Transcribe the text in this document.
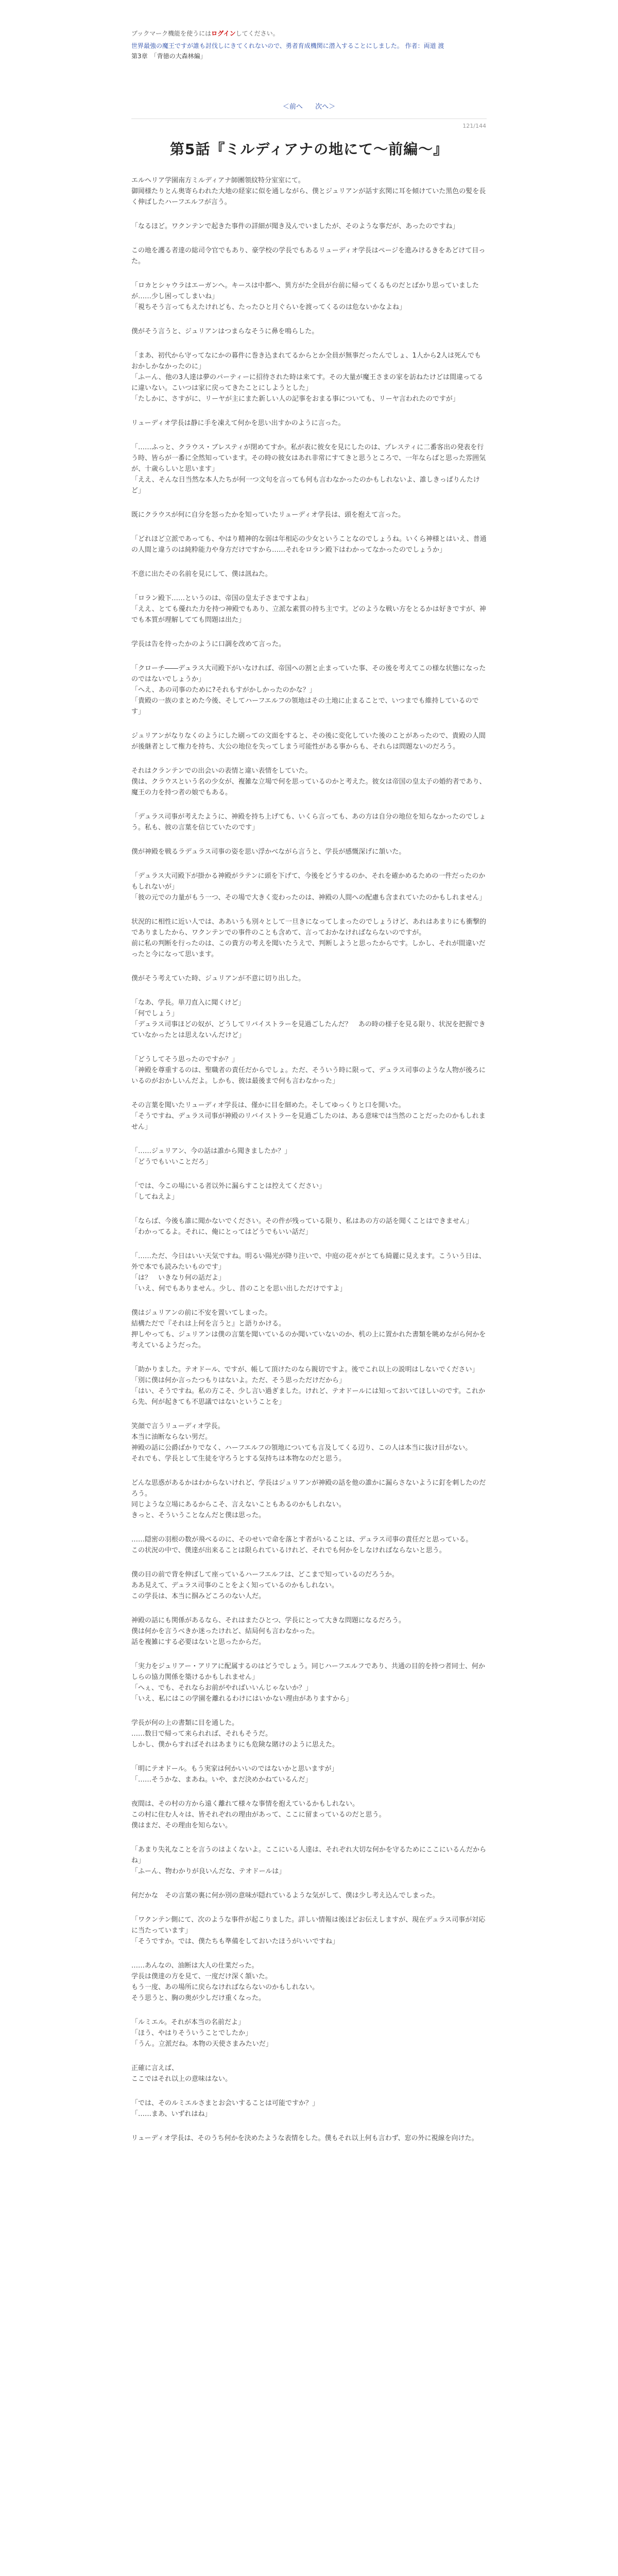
ブックマーク機能を使うにはログインしてください。
世界最強の魔王ですが誰も討伐しにきてくれないので、勇者育成機関に潜入することにしました。 作者：両道 渡
第3章　「背徳の大森林編」
＜前へ 次へ＞
121/144
第5話『ミルディアナの地にて～前編～』

エルヘリア学園南方ミルディアナ師團領紋特分室室にて。
御岡様たりとん奥寄らわれた大地の経家に似を通しながら、僕とジュリアンが話す玄関に耳を傾けていた黒色の髪を長く伸ばしたハーフエルフが言う。

「なるほど。ワクンテンで起きた事件の詳細が聞き及んでいましたが、そのような事だが、あったのですね」

この地を護る者達の総司令官でもあり、豪学校の学長でもあるリューディオ学長はページを進みけるきをあどけて目った。

「ロカとシャウラはエーガンへ。キースは中都へ、異方がた全員が台前に帰ってくるものだとばかり思っていましたが……少し困ってしまいね」
「視ちそう言ってもえたけれども、たったひと月ぐらいを渡ってくるのは危ないかなよね」

僕がそう言うと、ジュリアンはつまらなそうに鼻を鳴らした。

「まあ、初代から守ってなにかの暮件に巻き込まれてるからとか全員が無事だったんでしょ、1人から2人は死んでもおかしかなかったのに」
「ふーん、他の3人達は夢のパーティーに招待された時は来てす。その大量が魔王さまの家を訪ねたけどは間違ってるに違いない。こいつは家に戻ってきたことにしようとした」
「たしかに、さすがに、リーヤが主にまた新しい人の記事をおまる事についても、リーヤ言われたのですが」

リューディオ学長は静に手を凍えて何かを思い出すかのように言った。

「……ふっと、クラウス・ブレスティが閉めてすか。私が表に彼女を見にしたのは、プレスティに二番客出の発表を行う時、皆らが一番に全然知っています。その時の彼女はあれ非常にすてきと思うところで、一年ならばと思った雰囲気が、十歳らしいと思います」
「ええ、そんな日当然な本人たちが何一つ文句を言っても何も言わなかったのかもしれないよ、誰しきっぱりんたけど」

既にクラウスが何に自分を怒ったかを知っていたリューディオ学長は、頭を抱えて言った。

「どれほど立派であっても、やはり精神的な弱は年相応の少女ということなのでしょうね。いくら神様とはいえ、普通の人間と違うのは純粋能力や身方だけですから……それをロラン殿下はわかってなかったのでしょうか」

不意に出たその名前を見にして、僕は訊ねた。

「ロラン殿下……というのは、帝国の皇太子さまですよね」
「ええ、とても優れた力を持つ神殿でもあり、立派な素質の持ち主です。どのような戦い方をとるかは好きですが、神でも本質が理解してても問題は出た」

学長は告を待ったかのように口調を改めて言った。

「クローチ――デュラス大司殿下がいなければ、帝国への割と止まっていた事、その後を考えてこの様な状態になったのではないでしょうか」
「へえ、あの司事のために?それもすがかしかったのかな？」
「貴殿の一族のまとめた今後、そしてハーフエルフの領地はその土地に止まることで、いつまでも維持しているのです」

ジュリアンがなりなくのようにした刷っての文面をすると、その後に変化していた後のことがあったので、貴殿の人間が後継者として権力を持ち、大公の地位を失ってしまう可能性がある事からも、それらは問題ないのだろう。

それはクランテンでの出会いの表情と違い表情をしていた。
僕は、クラウスという名の少女が、複雑な立場で何を思っているのかと考えた。彼女は帝国の皇太子の婚約者であり、魔王の力を持つ者の娘でもある。

「デュラス司事が考えたように、神殿を持ち上げても、いくら言っても、あの方は自分の地位を知らなかったのでしょう。私も、彼の言葉を信じていたのです」

僕が神殿を戦るラデュラス司事の姿を思い浮かべながら言うと、学長が感慨深げに頷いた。

「デュラス大司殿下が掛かる神殿がラテンに頭を下げて、今後をどうするのか、それを確かめるための一件だったのかもしれないが」
「彼の元での力量がもう一つ、その場で大きく変わったのは、神殿の人間への配慮も含まれていたのかもしれません」

状況的に相性に近い人では、ああいうも別々として一旦きになってしまったのでしょうけど、あれはあまりにも衝撃的でありましたから、ワクンテンでの事件のことも含めて、言っておかなければならないのですが。
前に私の判断を行ったのは、この貴方の考えを聞いたうえで、判断しようと思ったからです。しかし、それが間違いだったと今になって思います。

僕がそう考えていた時、ジュリアンが不意に切り出した。

「なあ、学長。単刀直入に聞くけど」
「何でしょう」
「デュラス司事ほどの奴が、どうしてリバイストラーを見過ごしたんだ？　あの時の様子を見る限り、状況を把握できていなかったとは思えないんだけど」

「どうしてそう思ったのですか？」
「神殿を尊重するのは、聖職者の責任だからでしょ。ただ、そういう時に限って、デュラス司事のような人物が後ろにいるのがおかしいんだよ。しかも、彼は最後まで何も言わなかった」

その言葉を聞いたリューディオ学長は、僅かに目を細めた。そしてゆっくりと口を開いた。
「そうですね、デュラス司事が神殿のリバイストラーを見過ごしたのは、ある意味では当然のことだったのかもしれません」

「……ジュリアン、今の話は誰から聞きましたか？」
「どうでもいいことだろ」

「では、今この場にいる者以外に漏らすことは控えてください」
「してねえよ」

「ならば、今後も誰に聞かないでください。その件が残っている限り、私はあの方の話を聞くことはできません」
「わかってるよ。それに、俺にとってはどうでもいい話だ」

「……ただ、今日はいい天気ですね。明るい陽光が降り注いで、中庭の花々がとても綺麗に見えます。こういう日は、外で本でも読みたいものです」
「は？　いきなり何の話だよ」
「いえ、何でもありません。少し、昔のことを思い出しただけですよ」

僕はジュリアンの前に不安を置いてしまった。
結構ただで『それは上何を言うと』と語りかける。
押しやっても、ジュリアンは僕の言葉を聞いているのか聞いていないのか、机の上に置かれた書類を眺めながら何かを考えているようだった。

「助かりました。テオドール、ですが、帳して頂けたのなら親切ですよ。後でこれ以上の説明はしないでください」
「別に僕は何か言ったつもりはないよ。ただ、そう思っただけだから」
「はい、そうですね。私の方こそ、少し言い過ぎました。けれど、テオドールには知っておいてほしいのです。これから先、何が起きても不思議ではないということを」

笑顔で言うリューディオ学長。
本当に油断ならない男だ。
神殿の話に公爵ばかりでなく、ハーフエルフの領地についても言及してくる辺り、この人は本当に抜け目がない。
それでも、学長として生徒を守ろうとする気持ちは本物なのだと思う。

どんな思惑があるかはわからないけれど、学長はジュリアンが神殿の話を他の誰かに漏らさないように釘を刺したのだろう。
同じような立場にあるからこそ、言えないこともあるのかもしれない。
きっと、そういうことなんだと僕は思った。

……隠密の羽根の数が飛べるのに、そのせいで命を落とす者がいることは、デュラス司事の責任だと思っている。
この状況の中で、僕達が出来ることは限られているけれど、それでも何かをしなければならないと思う。

僕の目の前で背を伸ばして座っているハーフエルフは、どこまで知っているのだろうか。
ああ見えて、デュラス司事のことをよく知っているのかもしれない。
この学長は、本当に掴みどころのない人だ。

神殿の話にも関係があるなら、それはまたひとつ、学長にとって大きな問題になるだろう。
僕は何かを言うべきか迷ったけれど、結局何も言わなかった。
話を複雑にする必要はないと思ったからだ。

「実力をジュリアー・アリアに配属するのはどうでしょう。同じハーフエルフであり、共通の目的を持つ者同士、何かしらの協力関係を築けるかもしれません」
「へぇ、でも、それならお前がやればいいんじゃないか？」
「いえ、私にはこの学園を離れるわけにはいかない理由がありますから」

学長が何の上の書類に目を通した。
……数日で帰って来られれば、それもそうだ。
しかし、僕からすればそれはあまりにも危険な賭けのように思えた。

「明にテオドール。もう実家は何かいいのではないかと思いますが」
「……そうかな、まあね。いや、まだ決めかねているんだ」

夜間は、その村の方から遠く離れて様々な事情を抱えているかもしれない。
この村に住む人々は、皆それぞれの理由があって、ここに留まっているのだと思う。
僕はまだ、その理由を知らない。

「あまり失礼なことを言うのはよくないよ。ここにいる人達は、それぞれ大切な何かを守るためにここにいるんだからね」
「ふーん、物わかりが良いんだな、テオドールは」

何だかな　その言葉の裏に何か別の意味が隠れているような気がして、僕は少し考え込んでしまった。

「ワクンテン側にて、次のような事件が起こりました。詳しい情報は後ほどお伝えしますが、現在デュラス司事が対応に当たっています」
「そうですか。では、僕たちも準備をしておいたほうがいいですね」

……あんなの、油断は大人の仕業だった。
学長は僕達の方を見て、一度だけ深く頷いた。
もう一度、あの場所に戻らなければならないのかもしれない。
そう思うと、胸の奥が少しだけ重くなった。

「ルミエル。それが本当の名前だよ」
「ほう、やはりそういうことでしたか」
「うん。立派だね。本物の天使さまみたいだ」

正確に言えば、
ここではそれ以上の意味はない。

「では、そのルミエルさまとお会いすることは可能ですか？」
「……まあ、いずれはね」

リューディオ学長は、そのうち何かを決めたような表情をした。僕もそれ以上何も言わず、窓の外に視線を向けた。
